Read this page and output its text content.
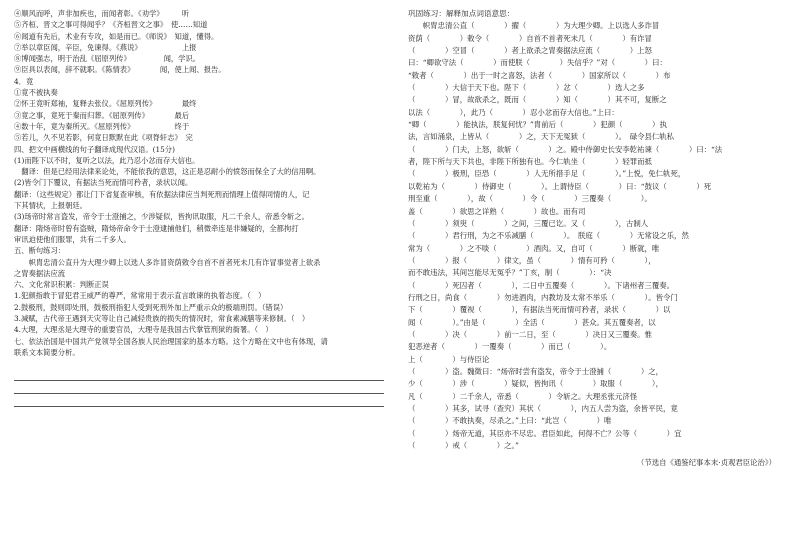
④顺风而呼，声非加疾也，而闻者彰。《劝学》　　　听
⑤齐桓、晋文之事可得闻乎？《齐桓晋文之事》　使……知道
⑥闻道有先后，术业有专攻，如是而已。《师说》　知道，懂得。
⑦举以章臣闻，辛臣，免谏得。《燕说》　　　　　　上报
⑧博闻强志，明于治乱《屈原列传》　　　　　闻，学识。
⑨臣具以表闻，辞不就职。《陈情表》　　　　闻，使上闻、报告。
4．竟
①竟不被执奏
②怀王竟听郑袖，复释去张仪。《屈原列传》　　　　最终
③竟之事，竟死于秦而归葬。《屈原列传》　　　　最后
④数十年，竟为秦所灭。《屈原列传》　　　　　　终于
⑤若儿，久不见若影，何竟日默默在此《项脊轩志》　完
四、把文中画横线的句子翻译成现代汉语。(15分)
(1)而陛下以不时，复听之以法，此乃忍小忿而存大信也。
　翻译：但是已经用法律来论处，不能依我的意思，这正是忍耐小的愤怒而保全了大的信用啊。
(2)皆令门下覆议，有据法当死而情可矜者，录状以闻。
翻译：（这些规定）都让门下省复查审核，有依据法律应当判死刑而情理上值得同情的人，记
下其情状，上报朝廷。
(3)玚帝时常言盗发，帝令于士澄捕之，少涉疑似，皆拘讯取服，凡二千余人，帝悉令斩之。
翻译：隋炀帝时曾有盗贼，隋炀帝命令于士澄逮捕他们，稍微牵连是非嫌疑的，全都拘打
审讯迫使他们服罪，共有二千多人。
五、断句练习：
　　帜胄忠清公直升为大理少卿上以选人多诈冒资荫敕令自首不首者死未几有诈冒事觉者上欲杀
之胄奏据法应流
六、文化常识积累：判断正误
1.犯颜指敢于冒犯君王威严的尊严，常常用于表示直言敢谏的执着态度。（　）
2.鼓极刑，鼓则即处刑，鼓极刑指犯人受到死刑外加上严重示众的极端刑罚。（错误）
3.减赋，古代帝王遇到天灾等让自己减轻贵族的损失的情况时，常食素减膳等来修制。（　）
4.大理，大理丞是大理寺的重要官员，大理寺是我国古代掌管刑狱的衙署。（　）
七、依法治国是中国共产党领导全国各族人民治理国家的基本方略。这个方略在文中也有体现，请
联系文本简要分析。
巩固练习：解释加点词语意思：
　　帜胄忠清公直（　　　　）擢（　　　　）为大理少卿。上以选人多诈冒
资荫（　　　　）敕令（　　　　）自首不首者死未几（　　　　）有诈冒
（　　　　）空冒（　　　　）者上欲杀之胄奏据法应流（　　　　）上怒
曰：“卿欲守法（　　　　）而使朕（　　　　）失信乎？”对（　　　　）曰：
“敕者（　　　　）出于一时之喜怒，法者（　　　　）国家所以（　　　　）布
（　　　　）大信于天下也。陛下（　　　　）忿（　　　　）选人之多
（　　　　）冒，故欲杀之，既而（　　　　）知（　　　　）其不可，复断之
以法（　　　　），此乃（　　　　）忍小忿而存大信也。”上曰：
“卿（　　　　）能执法，朕复何忧？”胄前后（　　　　）犯颜（　　　　）执
法，言如涌泉，上皆从（　　　　）之，天下无冤狱（　　　　）。　碌令县仁轨私
（　　　　）门夫，上怒，欲斩（　　　　）之。殿中侍御史长安李乾祐谏（　　　　）曰：“法
者，陛下所与天下共也，非陛下所独有也。今仁轨坐（　　　　）轻罪而抵
（　　　　）极刑，臣恐（　　　　）人无所措手足（　　　　）。”上悦，免仁轨死，
以乾祐为（　　　　）侍御史（　　　　）。上谓侍臣（　　　　）曰：“鼓议（　　　　）死
刑至重（　　　　），故（　　　　）令（　　　　）三覆奏（　　　　）。
盖（　　　　）欲思之详熟（　　　　）故也。而有司
（　　　　）须臾（　　　　）之间，三覆已讫。又（　　　　），古制人
（　　　　）君行刑，为之不乐减膳（　　　　）。　朕庭（　　　　）无常设之乐，然
常为（　　　　）之不啖（　　　　）酒肉。又，自可（　　　　）断就，唯
（　　　　）报（　　　　）律文，虽（　　　　）情有可矜（　　　　），
而不敢违法，其间岂能尽无冤乎？”丁亥，制（　　　　）：“决
（　　　　）死囚者（　　　　），二日中五覆奏（　　　　）。下诸州者三覆奏。
行刑之日，尚食（　　　　）勿进酒肉，内教坊及太常不举乐（　　　　）。皆令门
下（　　　　）覆视（　　　　），有据法当死而情可矜者，录状（　　　　）以
闻（　　　　）。”由是（　　　　）全活（　　　　）甚众。其五覆奏者，以
（　　　　）决（　　　　）前一二日，至（　　　　）决日又三覆奏。惟
犯恶逆者（　　　　）一覆奏（　　　　）而已（　　　　）。
上（　　　　）与侍臣论
（　　　　）盗。魏徵曰：“炀帝时尝有盗发，帝令于士澄捕（　　　　）之，
少（　　　　）涉（　　　　）疑似，皆拘讯（　　　　）取服（　　　　），
凡（　　　　）二千余人，帝悉（　　　　）令斩之。大理丞张元济怪
（　　　　）其多，试寻（查究）其状（　　　　），内五人尝为盗，余皆平民，竟
（　　　　）不敢执奏，尽杀之。”上曰：“此岂（　　　　）唯
（　　　　）炀帝无道，其臣亦不尽忠。君臣如此，何得不亡？公等（　　　　）宜
（　　　　）戒（　　　　）之。”
（节选自《通鉴纪事本末·贞观君臣论治》）
